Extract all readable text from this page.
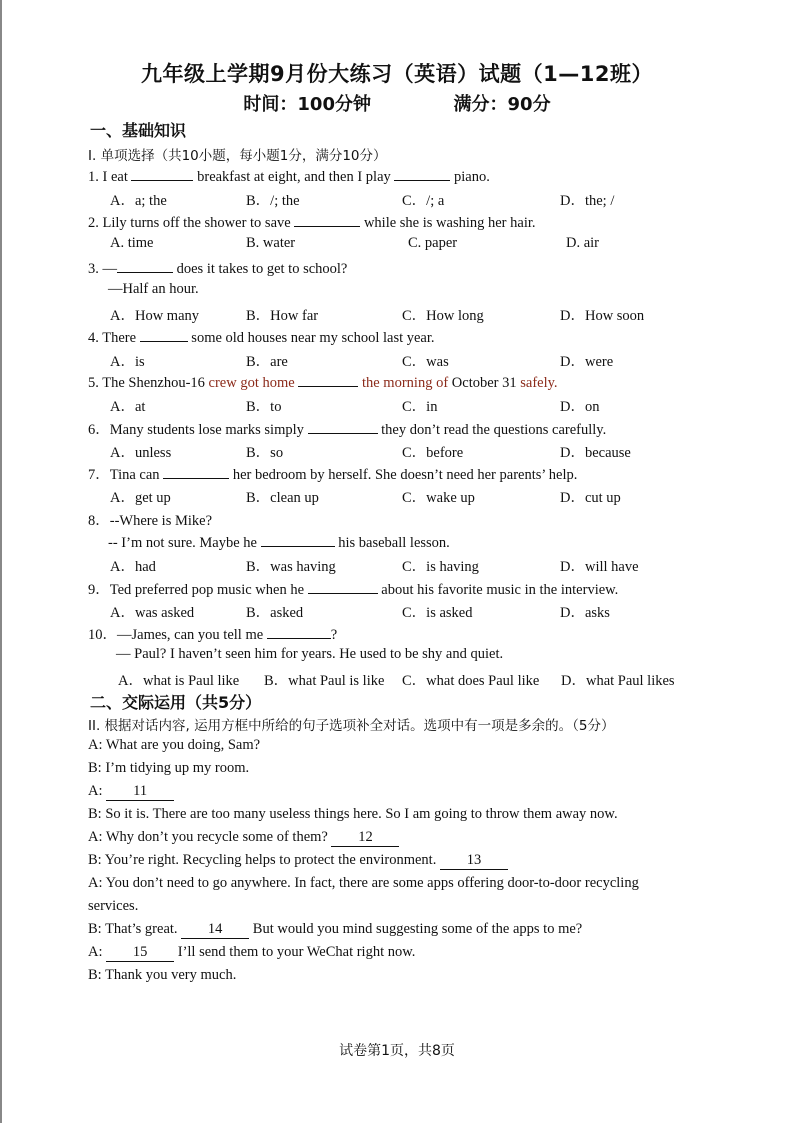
九年级上学期9月份大练习（英语）试题（1—12班）
时间：100分钟	满分：90分
一、基础知识
I. 单项选择（共10小题，每小题1分，满分10分）
1. I eat	breakfast at eight, and then I play	piano.
A．a; the	B．/; the	C．/; a	D．the; /
2. Lily turns off the shower to save	while she is washing her hair.
A. time	B. water	C. paper	D. air
3. —	does it takes to get to school?
—Half an hour.
A．How many	B．How far	C．How long	D．How soon
4. There	some old houses near my school last year.
A．is	B．are	C．was	D．were
5. The Shenzhou-16 crew got home	the morning of October 31 safely.
A．at	B．to	C．in	D．on
6．Many students lose marks simply	they don’t read the questions carefully.
A．unless	B．so	C．before	D．because
7．Tina can	her bedroom by herself. She doesn’t need her parents’ help.
A．get up	B．clean up	C．wake up	D．cut up
8．--Where is Mike?
-- I’m not sure. Maybe he	his baseball lesson.
A．had	B．was having	C．is having	D．will have
9．Ted preferred pop music when he	about his favorite music in the interview.
A．was asked	B．asked	C．is asked	D．asks
10．—James, can you tell me	?
— Paul? I haven’t seen him for years. He used to be shy and quiet.
A．what is Paul like B．what Paul is like C．what does Paul like D．what Paul likes
二、交际运用（共5分）
II. 根据对话内容, 运用方框中所给的句子选项补全对话。选项中有一项是多余的。（5分）
A: What are you doing, Sam?
B: I’m tidying up my room.
A: 11
B: So it is. There are too many useless things here. So I am going to throw them away now.
A: Why don’t you recycle some of them? 12
B: You’re right. Recycling helps to protect the environment. 13
A: You don’t need to go anywhere. In fact, there are some apps offering door-to-door recycling
services.
B: That’s great. 14 But would you mind suggesting some of the apps to me?
A: 15 I’ll send them to your WeChat right now.
B: Thank you very much.
试卷第1页，共8页
